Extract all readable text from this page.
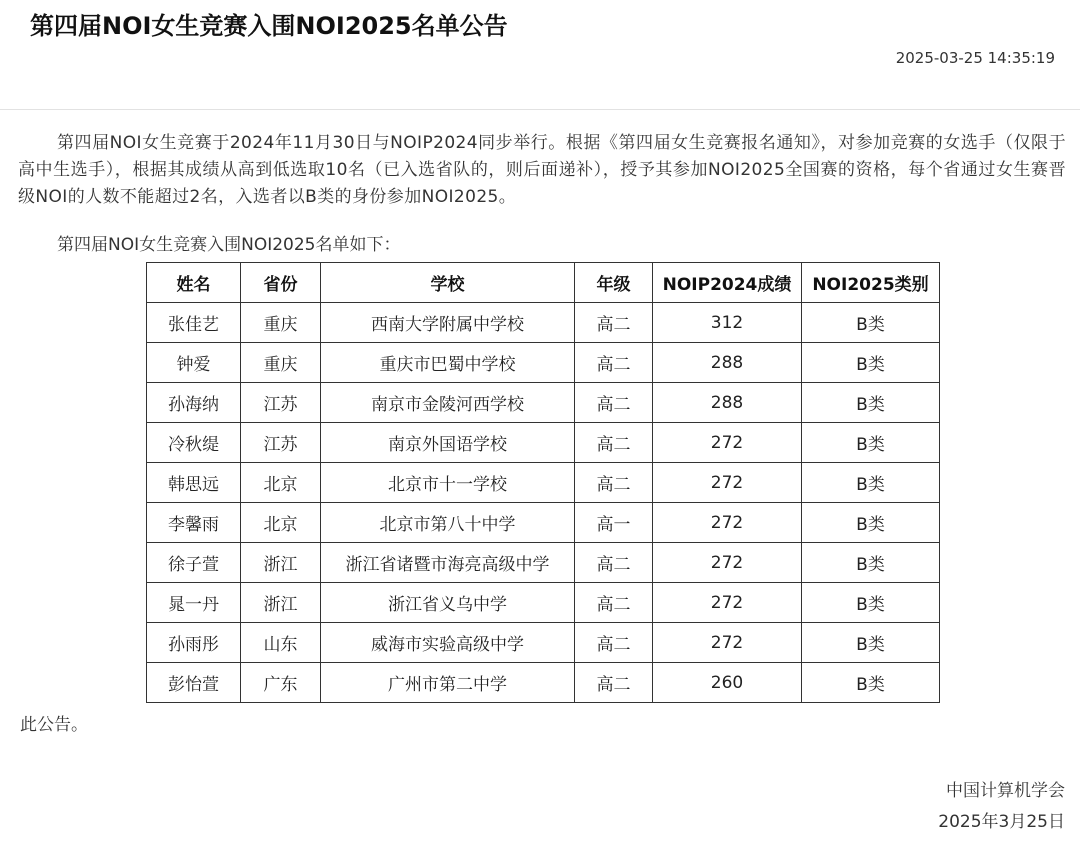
第四届NOI女生竞赛入围NOI2025名单公告
2025-03-25 14:35:19

第四届NOI女生竞赛于2024年11月30日与NOIP2024同步举行。根据《第四届女生竞赛报名通知》，对参加竞赛的女选手（仅限于高中生选手），根据其成绩从高到低选取10名（已入选省队的，则后面递补），授予其参加NOI2025全国赛的资格，每个省通过女生赛晋级NOI的人数不能超过2名，入选者以B类的身份参加NOI2025。

第四届NOI女生竞赛入围NOI2025名单如下：

姓名	省份	学校	年级	NOIP2024成绩	NOI2025类别
张佳艺	重庆	西南大学附属中学校	高二	312	B类
钟爱	重庆	重庆市巴蜀中学校	高二	288	B类
孙海纳	江苏	南京市金陵河西学校	高二	288	B类
冷秋缇	江苏	南京外国语学校	高二	272	B类
韩思远	北京	北京市十一学校	高二	272	B类
李馨雨	北京	北京市第八十中学	高一	272	B类
徐子萱	浙江	浙江省诸暨市海亮高级中学	高二	272	B类
晁一丹	浙江	浙江省义乌中学	高二	272	B类
孙雨彤	山东	威海市实验高级中学	高二	272	B类
彭怡萱	广东	广州市第二中学	高二	260	B类

此公告。

中国计算机学会
2025年3月25日
